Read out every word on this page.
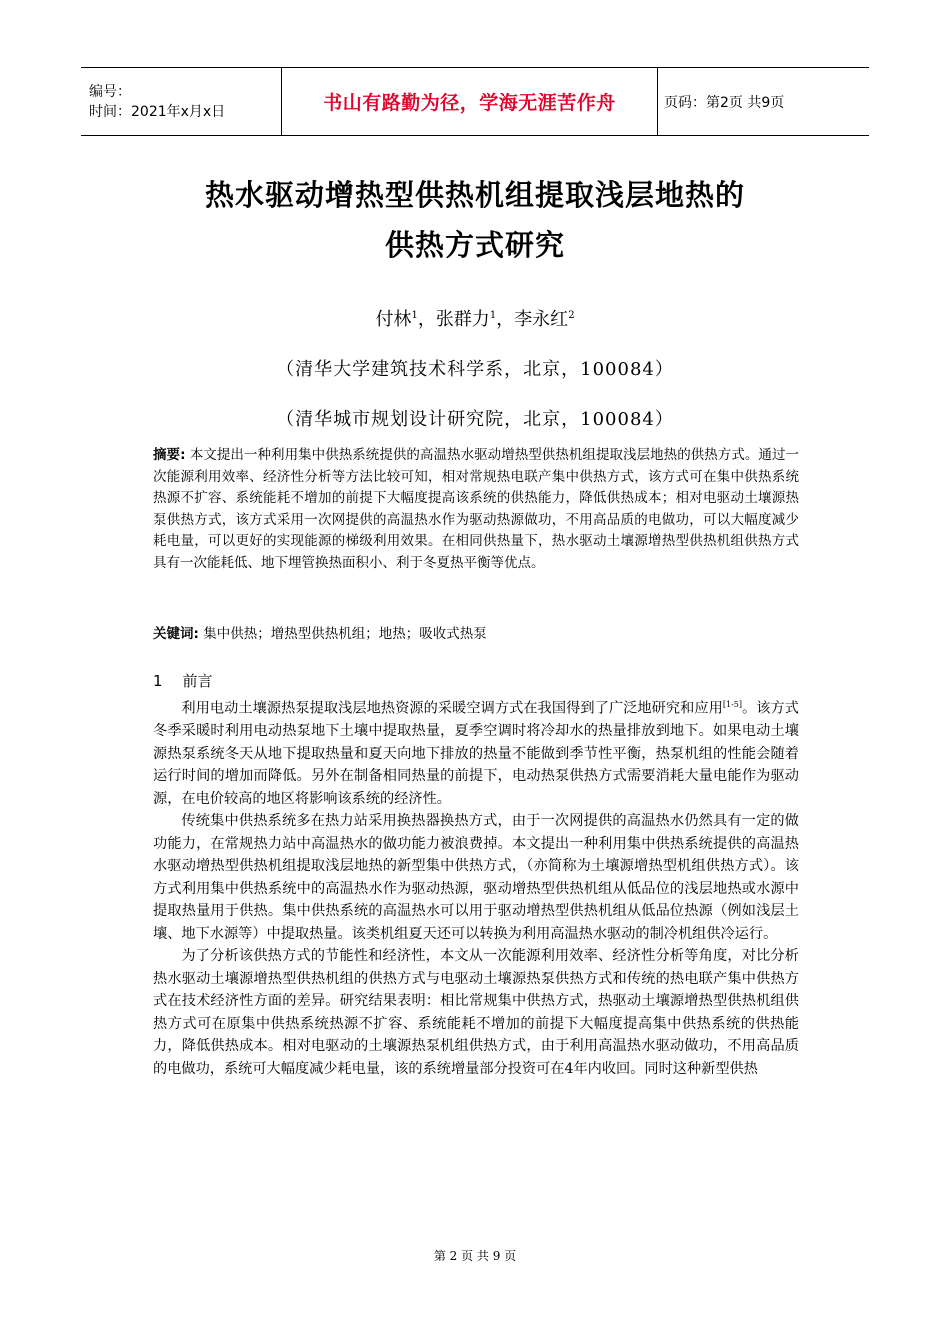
编号：
时间：2021年x月x日	书山有路勤为径，学海无涯苦作舟	页码：第2页 共9页
热水驱动增热型供热机组提取浅层地热的
供热方式研究
付林$^1$，张群力$^1$，李永红$^2$
（清华大学建筑技术科学系，北京，100084）
（清华城市规划设计研究院，北京，100084）
摘要: 本文提出一种利用集中供热系统提供的高温热水驱动增热型供热机组提取浅层地热的供热方式。通过一次能源利用效率、经济性分析等方法比较可知，相对常规热电联产集中供热方式，该方式可在集中供热系统热源不扩容、系统能耗不增加的前提下大幅度提高该系统的供热能力，降低供热成本；相对电驱动土壤源热泵供热方式，该方式采用一次网提供的高温热水作为驱动热源做功，不用高品质的电做功，可以大幅度减少耗电量，可以更好的实现能源的梯级利用效果。在相同供热量下，热水驱动土壤源增热型供热机组供热方式具有一次能耗低、地下埋管换热面积小、利于冬夏热平衡等优点。
关键词: 集中供热；增热型供热机组；地热；吸收式热泵
1 前言

利用电动土壤源热泵提取浅层地热资源的采暖空调方式在我国得到了广泛地研究和应用[1-5]。该方式冬季采暖时利用电动热泵地下土壤中提取热量，夏季空调时将冷却水的热量排放到地下。如果电动土壤源热泵系统冬天从地下提取热量和夏天向地下排放的热量不能做到季节性平衡，热泵机组的性能会随着运行时间的增加而降低。另外在制备相同热量的前提下，电动热泵供热方式需要消耗大量电能作为驱动源，在电价较高的地区将影响该系统的经济性。

传统集中供热系统多在热力站采用换热器换热方式，由于一次网提供的高温热水仍然具有一定的做功能力，在常规热力站中高温热水的做功能力被浪费掉。本文提出一种利用集中供热系统提供的高温热水驱动增热型供热机组提取浅层地热的新型集中供热方式，（亦简称为土壤源增热型机组供热方式）。该方式利用集中供热系统中的高温热水作为驱动热源，驱动增热型供热机组从低品位的浅层地热或水源中提取热量用于供热。集中供热系统的高温热水可以用于驱动增热型供热机组从低品位热源（例如浅层土壤、地下水源等）中提取热量。该类机组夏天还可以转换为利用高温热水驱动的制冷机组供冷运行。

为了分析该供热方式的节能性和经济性，本文从一次能源利用效率、经济性分析等角度，对比分析热水驱动土壤源增热型供热机组的供热方式与电驱动土壤源热泵供热方式和传统的热电联产集中供热方式在技术经济性方面的差异。研究结果表明：相比常规集中供热方式，热驱动土壤源增热型供热机组供热方式可在原集中供热系统热源不扩容、系统能耗不增加的前提下大幅度提高集中供热系统的供热能力，降低供热成本。相对电驱动的土壤源热泵机组供热方式，由于利用高温热水驱动做功，不用高品质的电做功，系统可大幅度减少耗电量，该的系统增量部分投资可在4年内收回。同时这种新型供热

第 2 页 共 9 页
